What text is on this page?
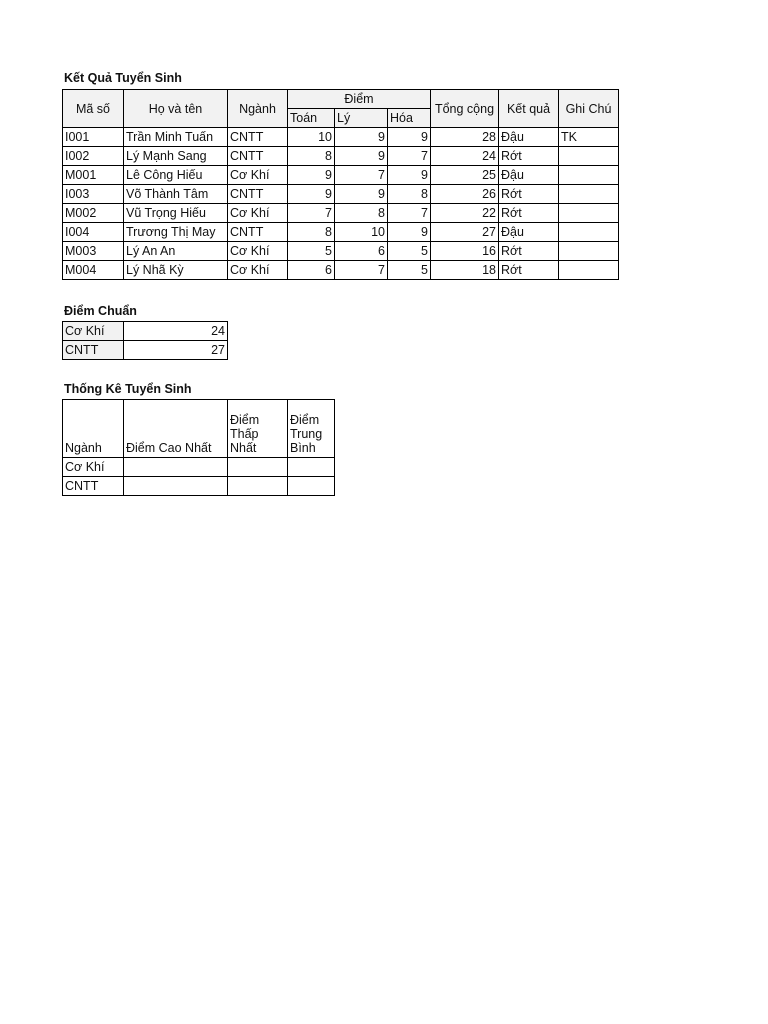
Kết Quả Tuyển Sinh
Mã số	Họ và tên	Ngành	Điểm			Tổng cộng	Kết quả	Ghi Chú
			Toán	Lý	Hóa			
I001	Trần Minh Tuấn	CNTT	10	9	9	28	Đậu	TK
I002	Lý Mạnh Sang	CNTT	8	9	7	24	Rớt	
M001	Lê Công Hiếu	Cơ Khí	9	7	9	25	Đậu	
I003	Võ Thành Tâm	CNTT	9	9	8	26	Rớt	
M002	Vũ Trọng Hiếu	Cơ Khí	7	8	7	22	Rớt	
I004	Trương Thị May	CNTT	8	10	9	27	Đậu	
M003	Lý An An	Cơ Khí	5	6	5	16	Rớt	
M004	Lý Nhã Kỳ	Cơ Khí	6	7	5	18	Rớt	
Điểm Chuẩn
Cơ Khí	24
CNTT	27
Thống Kê Tuyển Sinh
Ngành	Điểm Cao Nhất	Điểm Thấp Nhất	Điểm Trung Bình
Cơ Khí			
CNTT			
